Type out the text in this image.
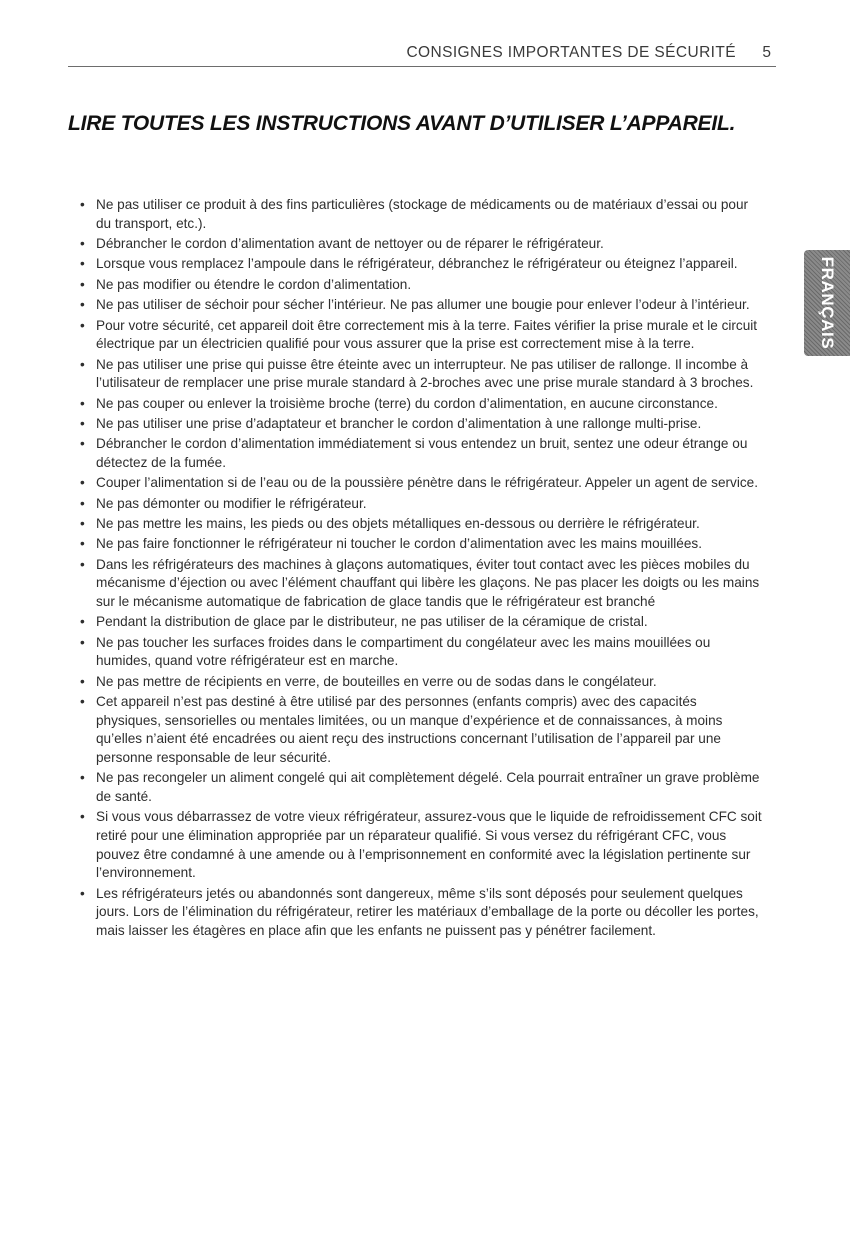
CONSIGNES IMPORTANTES DE SÉCURITÉ 5
LIRE TOUTES LES INSTRUCTIONS AVANT D’UTILISER L’APPAREIL.
FRANÇAIS
• Ne pas utiliser ce produit à des fins particulières (stockage de médicaments ou de matériaux d’essai ou pour du transport, etc.).
• Débrancher le cordon d’alimentation avant de nettoyer ou de réparer le réfrigérateur.
• Lorsque vous remplacez l’ampoule dans le réfrigérateur, débranchez le réfrigérateur ou éteignez l’appareil.
• Ne pas modifier ou étendre le cordon d’alimentation.
• Ne pas utiliser de séchoir pour sécher l’intérieur. Ne pas allumer une bougie pour enlever l’odeur à l’intérieur.
• Pour votre sécurité, cet appareil doit être correctement mis à la terre. Faites vérifier la prise murale et le circuit électrique par un électricien qualifié pour vous assurer que la prise est correctement mise à la terre.
• Ne pas utiliser une prise qui puisse être éteinte avec un interrupteur. Ne pas utiliser de rallonge. Il incombe à l’utilisateur de remplacer une prise murale standard à 2-broches avec une prise murale standard à 3 broches.
• Ne pas couper ou enlever la troisième broche (terre) du cordon d’alimentation, en aucune circonstance.
• Ne pas utiliser une prise d’adaptateur et brancher le cordon d’alimentation à une rallonge multi-prise.
• Débrancher le cordon d’alimentation immédiatement si vous entendez un bruit, sentez une odeur étrange ou détectez de la fumée.
• Couper l’alimentation si de l’eau ou de la poussière pénètre dans le réfrigérateur. Appeler un agent de service.
• Ne pas démonter ou modifier le réfrigérateur.
• Ne pas mettre les mains, les pieds ou des objets métalliques en-dessous ou derrière le réfrigérateur.
• Ne pas faire fonctionner le réfrigérateur ni toucher le cordon d’alimentation avec les mains mouillées.
• Dans les réfrigérateurs des machines à glaçons automatiques, éviter tout contact avec les pièces mobiles du mécanisme d’éjection ou avec l’élément chauffant qui libère les glaçons. Ne pas placer les doigts ou les mains sur le mécanisme automatique de fabrication de glace tandis que le réfrigérateur est branché
• Pendant la distribution de glace par le distributeur, ne pas utiliser de la céramique de cristal.
• Ne pas toucher les surfaces froides dans le compartiment du congélateur avec les mains mouillées ou humides, quand votre réfrigérateur est en marche.
• Ne pas mettre de récipients en verre, de bouteilles en verre ou de sodas dans le congélateur.
• Cet appareil n’est pas destiné à être utilisé par des personnes (enfants compris) avec des capacités physiques, sensorielles ou mentales limitées, ou un manque d’expérience et de connaissances, à moins qu’elles n’aient été encadrées ou aient reçu des instructions concernant l’utilisation de l’appareil par une personne responsable de leur sécurité.
• Ne pas recongeler un aliment congelé qui ait complètement dégelé. Cela pourrait entraîner un grave problème de santé.
• Si vous vous débarrassez de votre vieux réfrigérateur, assurez-vous que le liquide de refroidissement CFC soit retiré pour une élimination appropriée par un réparateur qualifié. Si vous versez du réfrigérant CFC, vous pouvez être condamné à une amende ou à l’emprisonnement en conformité avec la législation pertinente sur l’environnement.
• Les réfrigérateurs jetés ou abandonnés sont dangereux, même s’ils sont déposés pour seulement quelques jours. Lors de l’élimination du réfrigérateur, retirer les matériaux d’emballage de la porte ou décoller les portes, mais laisser les étagères en place afin que les enfants ne puissent pas y pénétrer facilement.
